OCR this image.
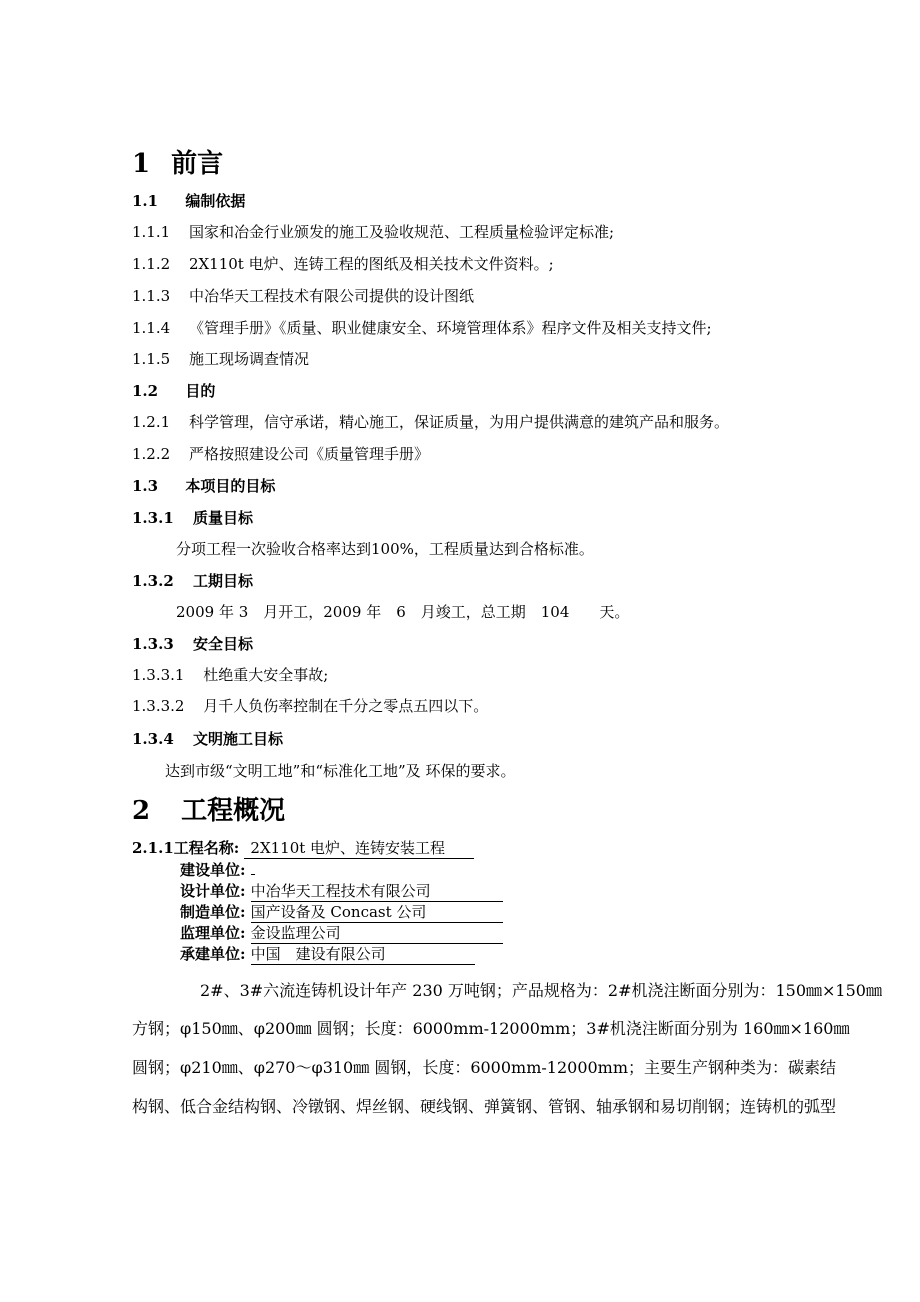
1 前言
1.1 编制依据
1.1.1 国家和冶金行业颁发的施工及验收规范、工程质量检验评定标准;
1.1.2 2X110t 电炉、连铸工程的图纸及相关技术文件资料。;
1.1.3 中冶华天工程技术有限公司提供的设计图纸
1.1.4 《管理手册》《质量、职业健康安全、环境管理体系》程序文件及相关支持文件;
1.1.5 施工现场调查情况
1.2 目的
1.2.1 科学管理，信守承诺，精心施工，保证质量，为用户提供满意的建筑产品和服务。
1.2.2 严格按照建设公司《质量管理手册》
1.3 本项目的目标
1.3.1 质量目标
分项工程一次验收合格率达到100%，工程质量达到合格标准。
1.3.2 工期目标
2009 年 3　月开工，2009 年　6　月竣工，总工期　104　　天。
1.3.3 安全目标
1.3.3.1 杜绝重大安全事故;
1.3.3.2 月千人负伤率控制在千分之零点五四以下。
1.3.4 文明施工目标
达到市级“文明工地”和“标准化工地”及 环保的要求。
2 工程概况
2.1.1工程名称: 2X110t 电炉、连铸安装工程
建设单位:
设计单位: 中冶华天工程技术有限公司
制造单位: 国产设备及 Concast 公司
监理单位: 金设监理公司
承建单位: 中国　建设有限公司
2#、3#六流连铸机设计年产 230 万吨钢；产品规格为：2#机浇注断面分别为：150㎜×150㎜
方钢；φ150㎜、φ200㎜ 圆钢；长度：6000mm-12000mm；3#机浇注断面分别为 160㎜×160㎜
圆钢；φ210㎜、φ270～φ310㎜ 圆钢，长度：6000mm-12000mm；主要生产钢种类为：碳素结
构钢、低合金结构钢、冷镦钢、焊丝钢、硬线钢、弹簧钢、管钢、轴承钢和易切削钢；连铸机的弧型
